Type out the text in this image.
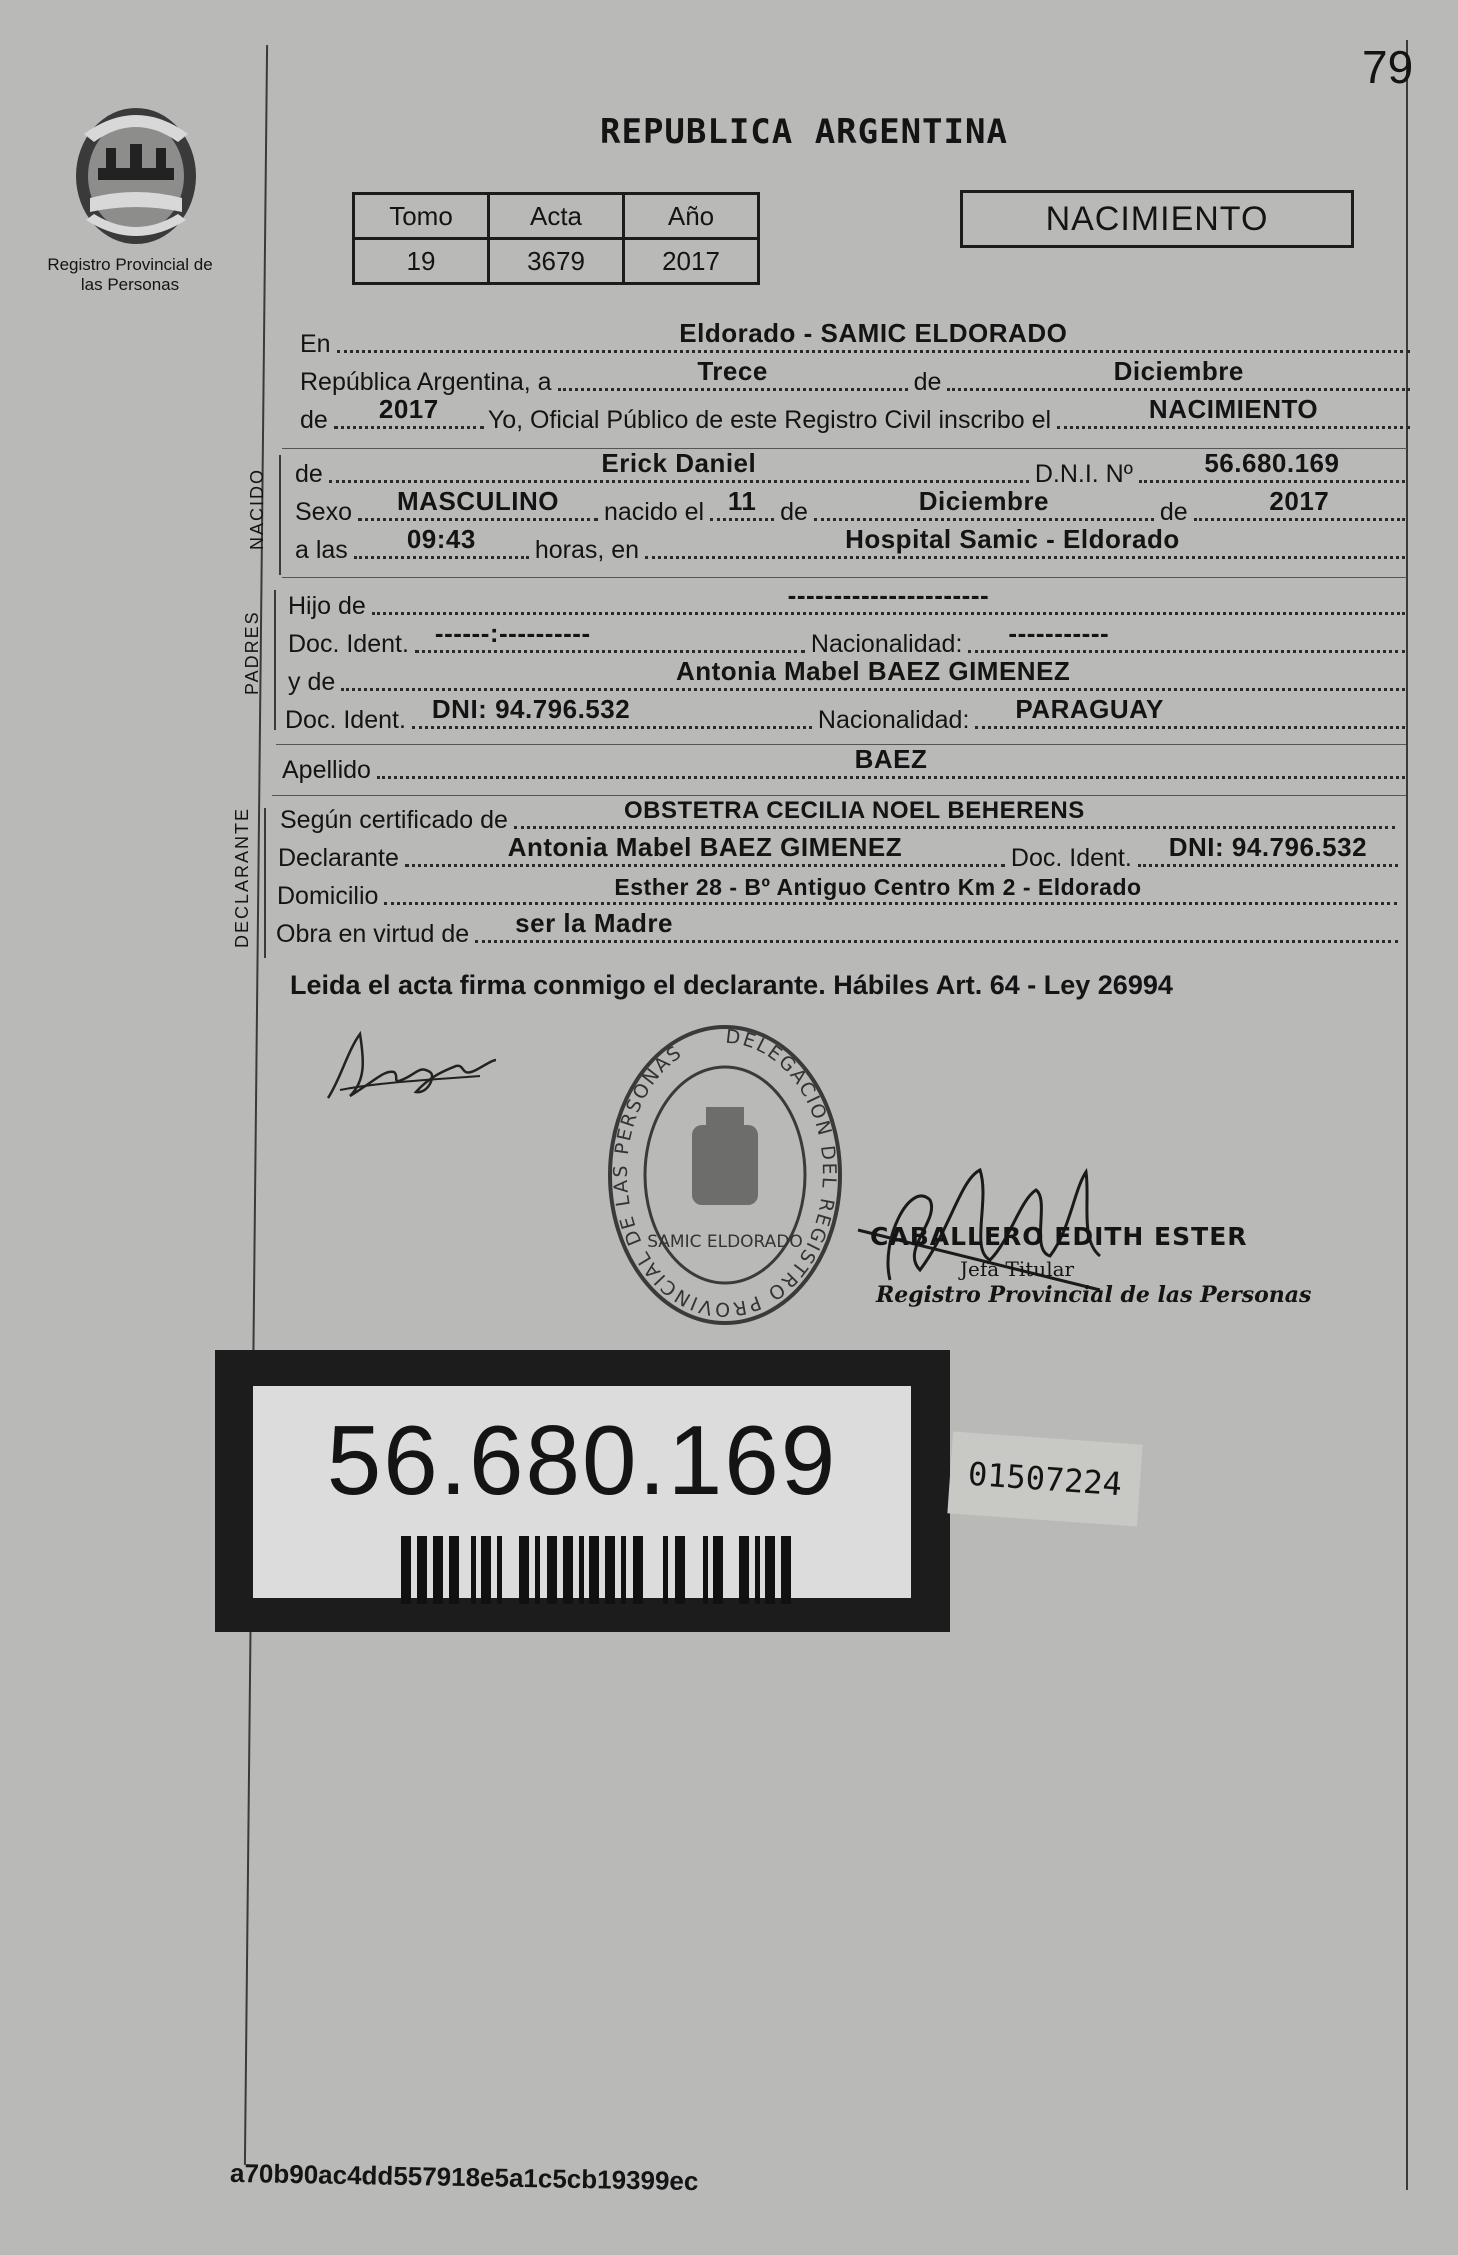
79
REPUBLICA ARGENTINA
Registro Provincial de las Personas
Tomo	Acta	Año
19	3679	2017
NACIMIENTO
En	Eldorado - SAMIC ELDORADO
República Argentina, a	Trece	de	Diciembre
de	2017	Yo, Oficial Público de este Registro Civil inscribo el	NACIMIENTO
NACIDO de	Erick Daniel	D.N.I. Nº	56.680.169
Sexo	MASCULINO	nacido el 11 de	Diciembre	de	2017
a las	09:43	horas, en	Hospital Samic - Eldorado
PADRES
Hijo de	----------------------
Doc. Ident. ------:----------	Nacionalidad: -----------
y de	Antonia Mabel BAEZ GIMENEZ
Doc. Ident. DNI: 94.796.532	Nacionalidad: PARAGUAY
Apellido	BAEZ
DECLARANTE Según certificado de	OBSTETRA CECILIA NOEL BEHERENS
Declarante	Antonia Mabel BAEZ GIMENEZ	Doc. Ident.	DNI: 94.796.532
Domicilio	Esther 28 - Bº Antiguo Centro Km 2 - Eldorado
Obra en virtud de ser la Madre
Leida el acta firma conmigo el declarante. Hábiles Art. 64 - Ley 26994
DELEGACION DEL REGISTRO PROVINCIAL DE LAS PERSONAS
SAMIC ELDORADO	CABALLERO EDITH ESTER
Jefa Titular
Registro Provincial de las Personas
56.680.169	01507224
a70b90ac4dd557918e5a1c5cb19399ec
